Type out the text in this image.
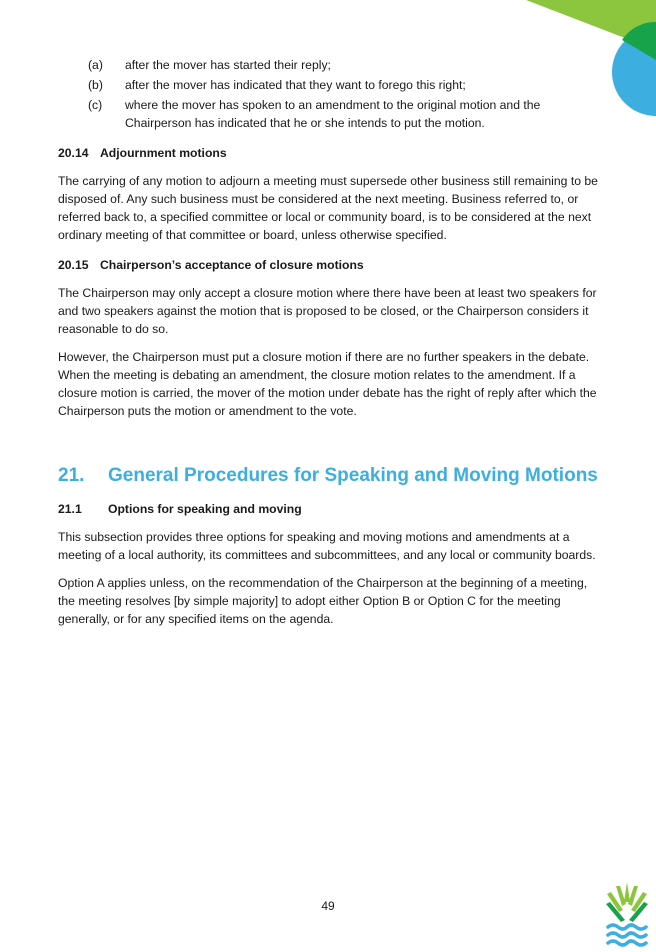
(a)	after the mover has started their reply;
(b)	after the mover has indicated that they want to forego this right;
(c)	where the mover has spoken to an amendment to the original motion and the Chairperson has indicated that he or she intends to put the motion.
20.14 Adjournment motions

The carrying of any motion to adjourn a meeting must supersede other business still remaining to be disposed of. Any such business must be considered at the next meeting. Business referred to, or referred back to, a specified committee or local or community board, is to be considered at the next ordinary meeting of that committee or board, unless otherwise specified.

20.15 Chairperson’s acceptance of closure motions

The Chairperson may only accept a closure motion where there have been at least two speakers for and two speakers against the motion that is proposed to be closed, or the Chairperson considers it reasonable to do so.

However, the Chairperson must put a closure motion if there are no further speakers in the debate. When the meeting is debating an amendment, the closure motion relates to the amendment. If a closure motion is carried, the mover of the motion under debate has the right of reply after which the Chairperson puts the motion or amendment to the vote.

21.	General Procedures for Speaking and Moving Motions
21.1	Options for speaking and moving

This subsection provides three options for speaking and moving motions and amendments at a meeting of a local authority, its committees and subcommittees, and any local or community boards.

Option A applies unless, on the recommendation of the Chairperson at the beginning of a meeting, the meeting resolves [by simple majority] to adopt either Option B or Option C for the meeting generally, or for any specified items on the agenda.

49
